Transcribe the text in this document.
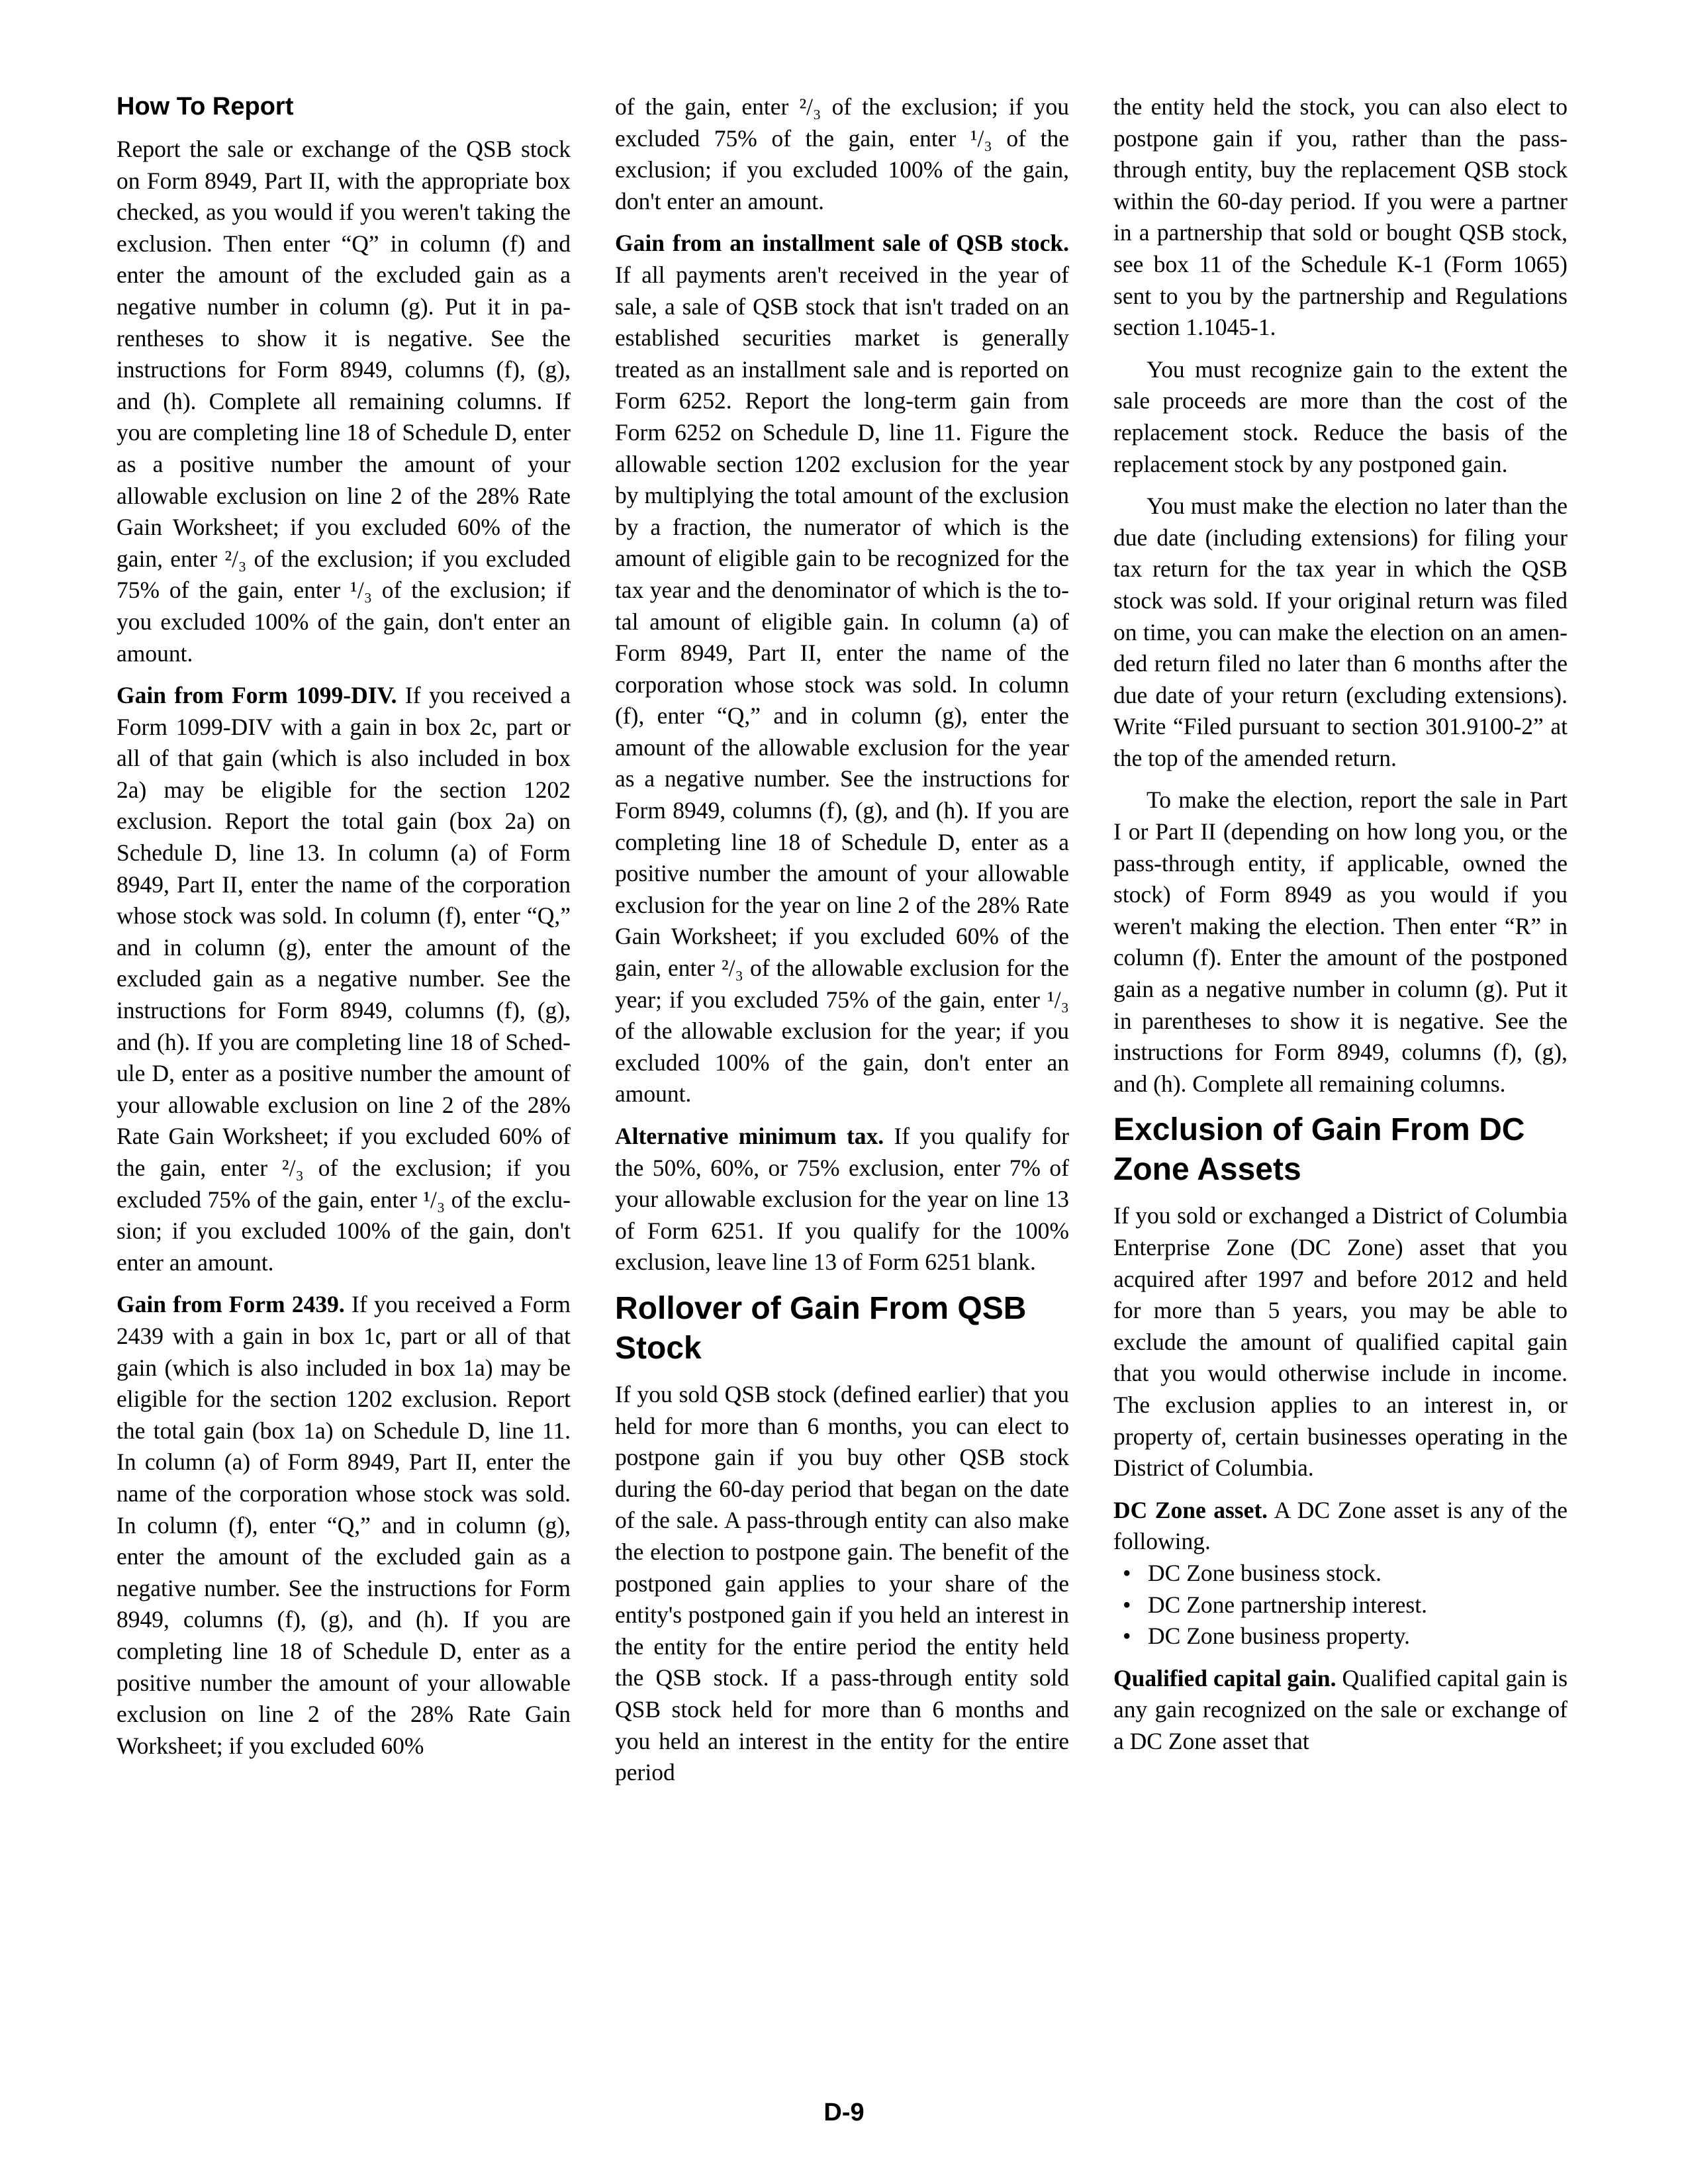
How To Report

Report the sale or exchange of the QSB stock on Form 8949, Part II, with the appropriate box checked, as you would if you weren't taking the exclusion. Then enter “Q” in column (f) and enter the amount of the excluded gain as a negative number in column (g). Put it in parentheses to show it is negative. See the instructions for Form 8949, columns (f), (g), and (h). Complete all remaining columns. If you are completing line 18 of Schedule D, enter as a positive number the amount of your allowable exclusion on line 2 of the 28% Rate Gain Worksheet; if you excluded 60% of the gain, enter ²/₃ of the exclusion; if you excluded 75% of the gain, enter ¹/₃ of the exclusion; if you excluded 100% of the gain, don't enter an amount.

Gain from Form 1099-DIV. If you received a Form 1099-DIV with a gain in box 2c, part or all of that gain (which is also included in box 2a) may be eligible for the section 1202 exclusion. Report the total gain (box 2a) on Schedule D, line 13. In column (a) of Form 8949, Part II, enter the name of the corporation whose stock was sold. In column (f), enter “Q,” and in column (g), enter the amount of the excluded gain as a negative number. See the instructions for Form 8949, columns (f), (g), and (h). If you are completing line 18 of Schedule D, enter as a positive number the amount of your allowable exclusion on line 2 of the 28% Rate Gain Worksheet; if you excluded 60% of the gain, enter ²/₃ of the exclusion; if you excluded 75% of the gain, enter ¹/₃ of the exclusion; if you excluded 100% of the gain, don't enter an amount.

Gain from Form 2439. If you received a Form 2439 with a gain in box 1c, part or all of that gain (which is also included in box 1a) may be eligible for the section 1202 exclusion. Report the total gain (box 1a) on Schedule D, line 11. In column (a) of Form 8949, Part II, enter the name of the corporation whose stock was sold. In column (f), enter “Q,” and in column (g), enter the amount of the excluded gain as a negative number. See the instructions for Form 8949, columns (f), (g), and (h). If you are completing line 18 of Schedule D, enter as a positive number the amount of your allowable exclusion on line 2 of the 28% Rate Gain Worksheet; if you excluded 60%

of the gain, enter ²/₃ of the exclusion; if you excluded 75% of the gain, enter ¹/₃ of the exclusion; if you excluded 100% of the gain, don't enter an amount.

Gain from an installment sale of QSB stock. If all payments aren't received in the year of sale, a sale of QSB stock that isn't traded on an established securities market is generally treated as an installment sale and is reported on Form 6252. Report the long-term gain from Form 6252 on Schedule D, line 11. Figure the allowable section 1202 exclusion for the year by multiplying the total amount of the exclusion by a fraction, the numerator of which is the amount of eligible gain to be recognized for the tax year and the denominator of which is the total amount of eligible gain. In column (a) of Form 8949, Part II, enter the name of the corporation whose stock was sold. In column (f), enter “Q,” and in column (g), enter the amount of the allowable exclusion for the year as a negative number. See the instructions for Form 8949, columns (f), (g), and (h). If you are completing line 18 of Schedule D, enter as a positive number the amount of your allowable exclusion for the year on line 2 of the 28% Rate Gain Worksheet; if you excluded 60% of the gain, enter ²/₃ of the allowable exclusion for the year; if you excluded 75% of the gain, enter ¹/₃ of the allowable exclusion for the year; if you excluded 100% of the gain, don't enter an amount.

Alternative minimum tax. If you qualify for the 50%, 60%, or 75% exclusion, enter 7% of your allowable exclusion for the year on line 13 of Form 6251. If you qualify for the 100% exclusion, leave line 13 of Form 6251 blank.

Rollover of Gain From QSB Stock

If you sold QSB stock (defined earlier) that you held for more than 6 months, you can elect to postpone gain if you buy other QSB stock during the 60-day period that began on the date of the sale. A pass-through entity can also make the election to postpone gain. The benefit of the postponed gain applies to your share of the entity's postponed gain if you held an interest in the entity for the entire period the entity held the QSB stock. If a pass-through entity sold QSB stock held for more than 6 months and you held an interest in the entity for the entire period

the entity held the stock, you can also elect to postpone gain if you, rather than the pass-through entity, buy the replacement QSB stock within the 60-day period. If you were a partner in a partnership that sold or bought QSB stock, see box 11 of the Schedule K-1 (Form 1065) sent to you by the partnership and Regulations section 1.1045-1.

You must recognize gain to the extent the sale proceeds are more than the cost of the replacement stock. Reduce the basis of the replacement stock by any postponed gain.

You must make the election no later than the due date (including extensions) for filing your tax return for the tax year in which the QSB stock was sold. If your original return was filed on time, you can make the election on an amended return filed no later than 6 months after the due date of your return (excluding extensions). Write “Filed pursuant to section 301.9100-2” at the top of the amended return.

To make the election, report the sale in Part I or Part II (depending on how long you, or the pass-through entity, if applicable, owned the stock) of Form 8949 as you would if you weren't making the election. Then enter “R” in column (f). Enter the amount of the postponed gain as a negative number in column (g). Put it in parentheses to show it is negative. See the instructions for Form 8949, columns (f), (g), and (h). Complete all remaining columns.

Exclusion of Gain From DC Zone Assets

If you sold or exchanged a District of Columbia Enterprise Zone (DC Zone) asset that you acquired after 1997 and before 2012 and held for more than 5 years, you may be able to exclude the amount of qualified capital gain that you would otherwise include in income. The exclusion applies to an interest in, or property of, certain businesses operating in the District of Columbia.

DC Zone asset. A DC Zone asset is any of the following.

• DC Zone business stock.
• DC Zone partnership interest.
• DC Zone business property.

Qualified capital gain. Qualified capital gain is any gain recognized on the sale or exchange of a DC Zone asset that

D-9
